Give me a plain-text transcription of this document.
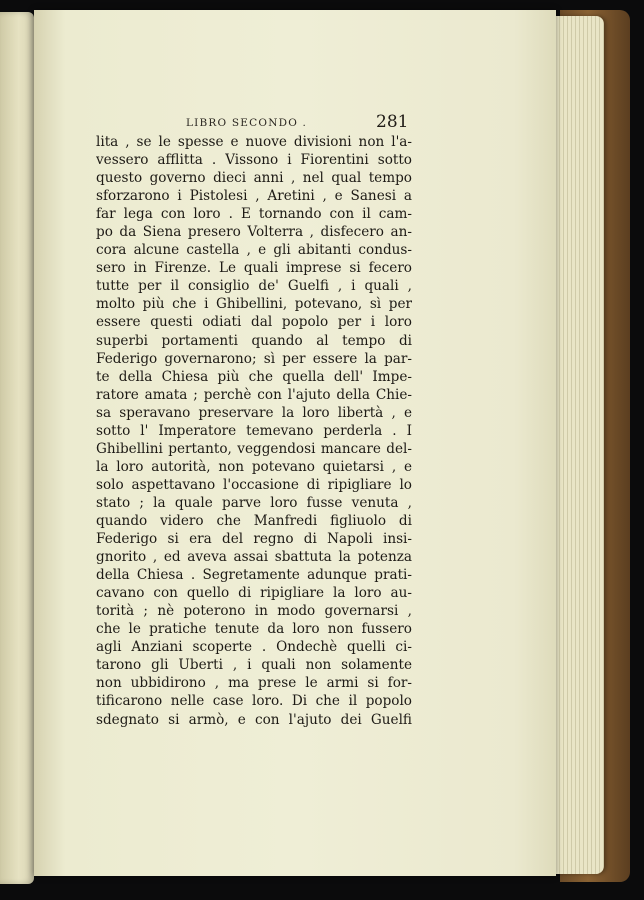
LIBRO SECONDO .	281
lita , se le spesse e nuove divisioni non l'a-
vessero afflitta . Vissono i Fiorentini sotto
questo governo dieci anni , nel qual tempo
sforzarono i Pistolesi , Aretini , e Sanesi a
far lega con loro . E tornando con il cam-
po da Siena presero Volterra , disfecero an-
cora alcune castella , e gli abitanti condus-
sero in Firenze. Le quali imprese si fecero
tutte per il consiglio de' Guelfi , i quali ,
molto più che i Ghibellini, potevano, sì per
essere questi odiati dal popolo per i loro
superbi portamenti quando al tempo di
Federigo governarono; sì per essere la par-
te della Chiesa più che quella dell' Impe-
ratore amata ; perchè con l'ajuto della Chie-
sa speravano preservare la loro libertà , e
sotto l' Imperatore temevano perderla . I
Ghibellini pertanto, veggendosi mancare del-
la loro autorità, non potevano quietarsi , e
solo aspettavano l'occasione di ripigliare lo
stato ; la quale parve loro fusse venuta ,
quando videro che Manfredi figliuolo di
Federigo si era del regno di Napoli insi-
gnorito , ed aveva assai sbattuta la potenza
della Chiesa . Segretamente adunque prati-
cavano con quello di ripigliare la loro au-
torità ; nè poterono in modo governarsi ,
che le pratiche tenute da loro non fussero
agli Anziani scoperte . Ondechè quelli ci-
tarono gli Uberti , i quali non solamente
non ubbidirono , ma prese le armi si for-
tificarono nelle case loro. Di che il popolo
sdegnato si armò, e con l'ajuto dei Guelfi
